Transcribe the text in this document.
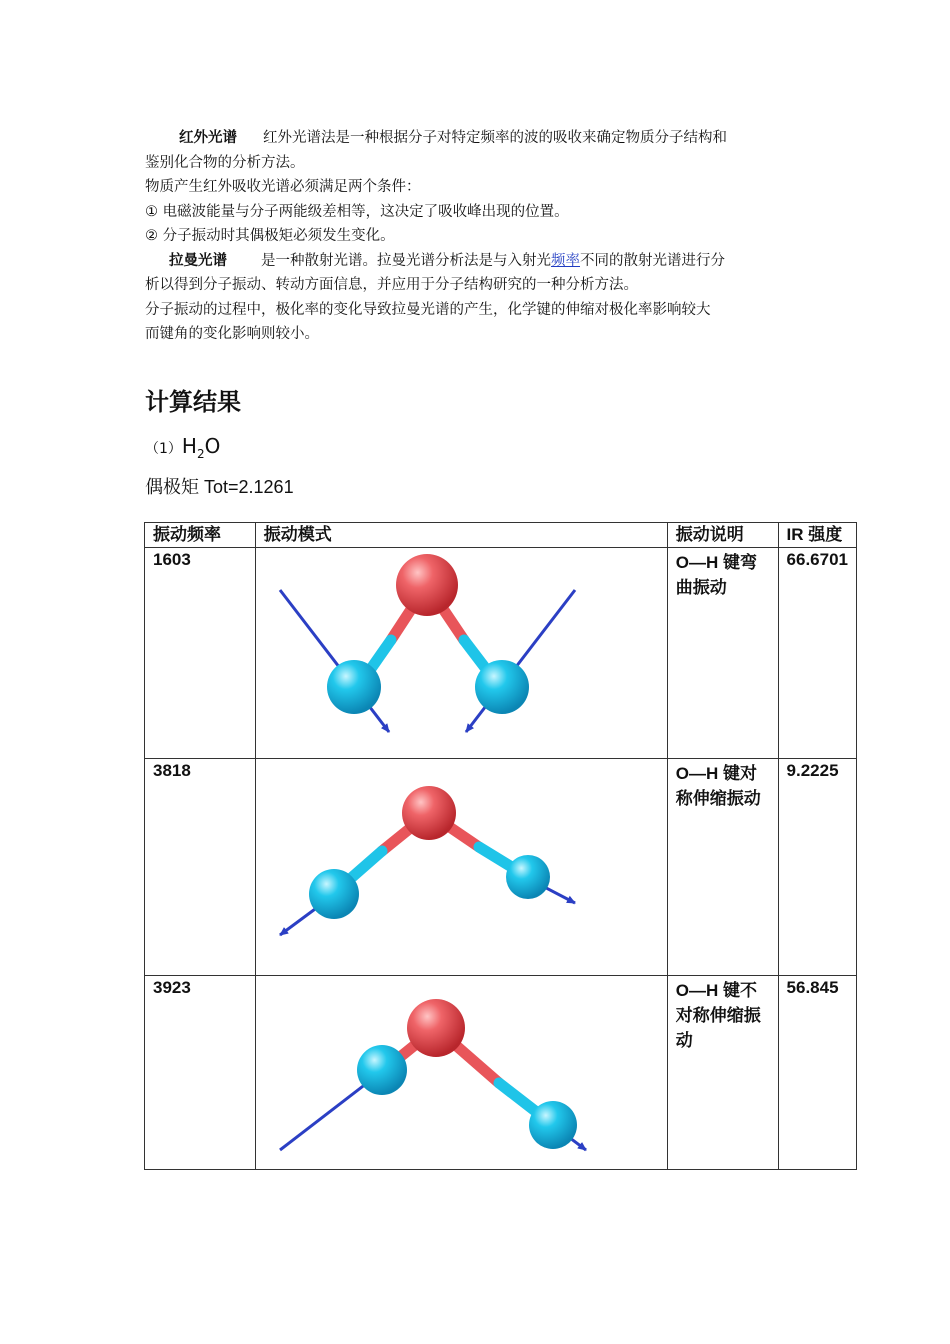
红外光谱 红外光谱法是一种根据分子对特定频率的波的吸收来确定物质分子结构和
鉴别化合物的分析方法。
物质产生红外吸收光谱必须满足两个条件：
① 电磁波能量与分子两能级差相等，这决定了吸收峰出现的位置。
② 分子振动时其偶极矩必须发生变化。
拉曼光谱 是一种散射光谱。拉曼光谱分析法是与入射光频率不同的散射光谱进行分
析以得到分子振动、转动方面信息，并应用于分子结构研究的一种分析方法。
分子振动的过程中，极化率的变化导致拉曼光谱的产生，化学键的伸缩对极化率影响较大
而键角的变化影响则较小。
计算结果
$(1)H_2O$
偶极矩 Tot=2.1261
振动频率	振动模式	振动说明	IR 强度
1603		O—H 键弯曲振动	66.6701
3818		O—H 键对称伸缩振动	9.2225
3923		O—H 键不对称伸缩振动	56.845
